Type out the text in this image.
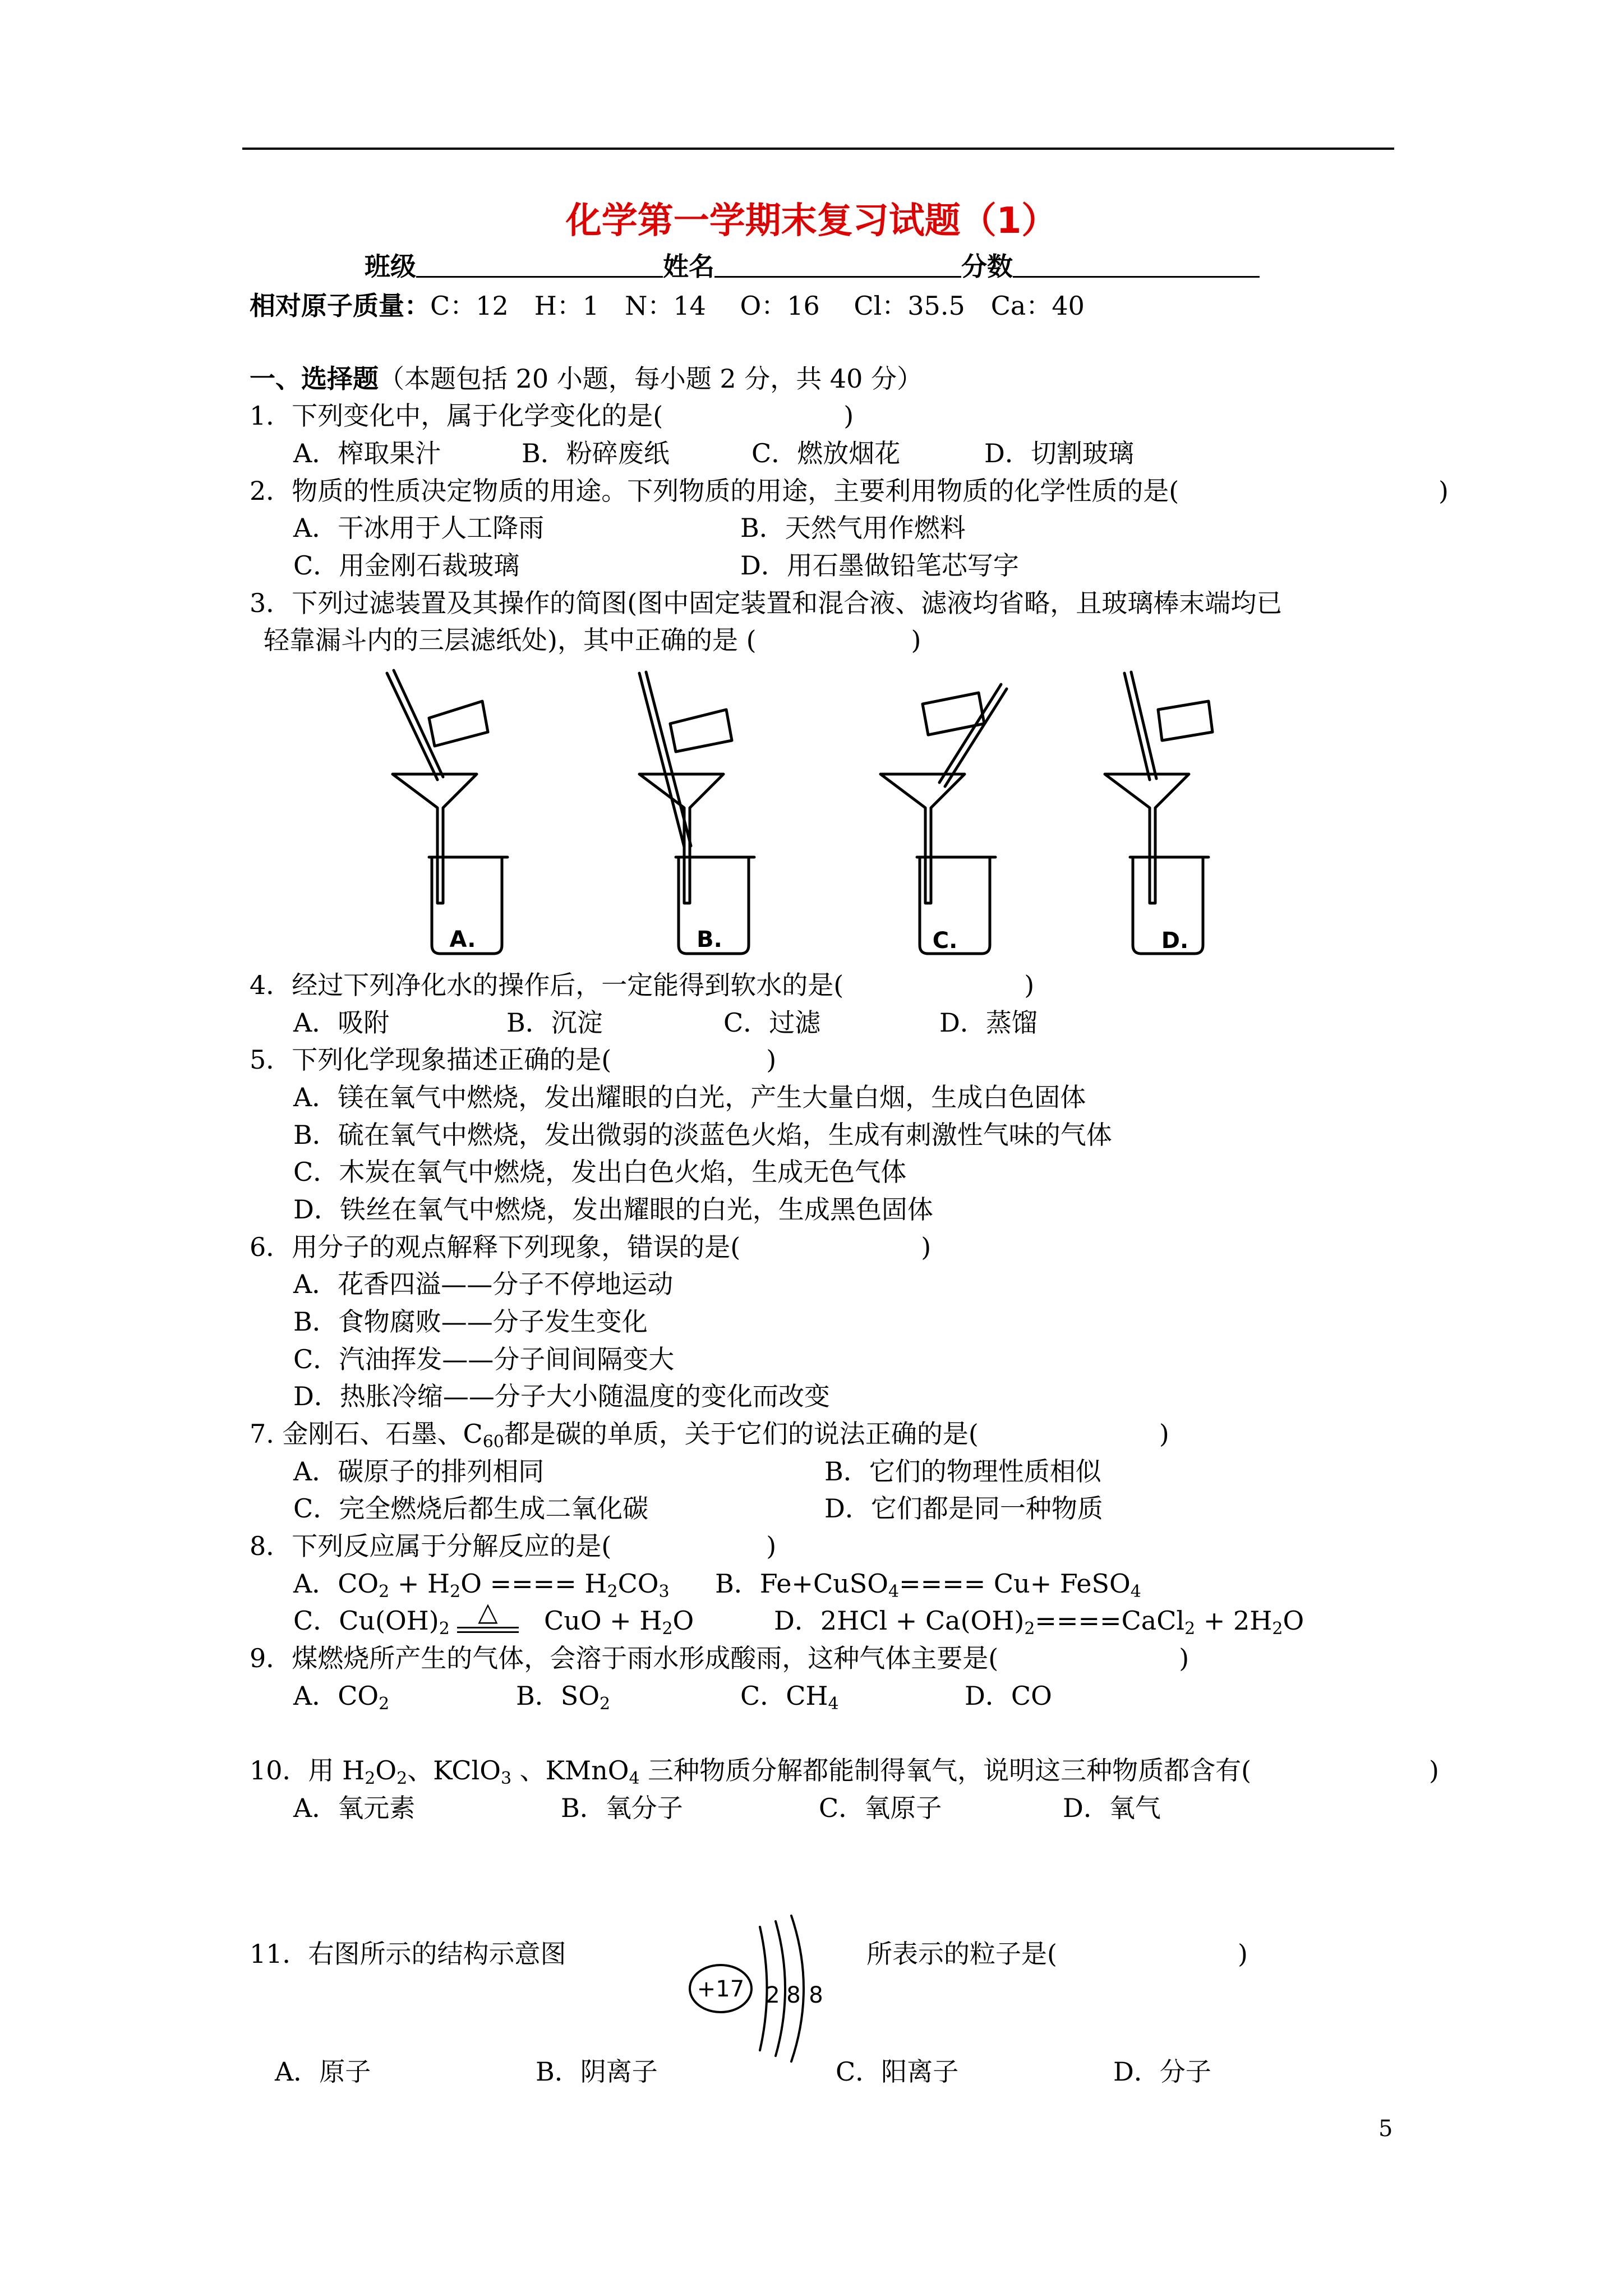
化学第一学期末复习试题（1）
班级	姓名	分数
相对原子质量：C：12　H：1　N：14　 O：16　 Cl：35.5　Ca：40
一、选择题（本题包括 20 小题，每小题 2 分，共 40 分）
1．下列变化中，属于化学变化的是(　　　　　　　)
A．榨取果汁	B．粉碎废纸	C．燃放烟花	D．切割玻璃
2．物质的性质决定物质的用途。下列物质的用途，主要利用物质的化学性质的是(	)
A．干冰用于人工降雨	B．天然气用作燃料
C．用金刚石裁玻璃	D．用石墨做铅笔芯写字
3．下列过滤装置及其操作的简图(图中固定装置和混合液、滤液均省略，且玻璃棒末端均已
轻靠漏斗内的三层滤纸处)，其中正确的是 (　　　　　　)
A.	B.	C.	D.
4．经过下列净化水的操作后，一定能得到软水的是(　　　　　　　)
A．吸附	B．沉淀	C．过滤	D．蒸馏
5．下列化学现象描述正确的是(　　　　　　)
A．镁在氧气中燃烧，发出耀眼的白光，产生大量白烟，生成白色固体
B．硫在氧气中燃烧，发出微弱的淡蓝色火焰，生成有刺激性气味的气体
C．木炭在氧气中燃烧，发出白色火焰，生成无色气体
D．铁丝在氧气中燃烧，发出耀眼的白光，生成黑色固体
6．用分子的观点解释下列现象，错误的是(　　　　　　　)
A．花香四溢——分子不停地运动
B．食物腐败——分子发生变化
C．汽油挥发——分子间间隔变大
D．热胀冷缩——分子大小随温度的变化而改变
7. 金刚石、石墨、$C_{60}$都是碳的单质，关于它们的说法正确的是(　　　　　　　)
A．碳原子的排列相同	B．它们的物理性质相似
C．完全燃烧后都生成二氧化碳	D．它们都是同一种物质
8．下列反应属于分解反应的是(　　　　　　)
A．$CO_2 + H_2O$ ==== $H_2CO_3$ B．Fe+CuSO$_4$==== Cu+ FeSO$_4$
C．$Cu(OH)_2$
△	CuO + $H_2O$	D．$2HCl + Ca(OH)_2====CaCl_2 + 2H_2O$
9．煤燃烧所产生的气体，会溶于雨水形成酸雨，这种气体主要是(　　　　　　　)
A．$CO_2$	B．$SO_2$	C．$CH_4$	D．CO
10．用 $H_2O_2$、KClO$_3$ 、KMnO$_4$ 三种物质分解都能制得氧气，说明这三种物质都含有(	)
A．氧元素	B．氧分子	C．氧原子	D．氧气
11．右图所示的结构示意图	所表示的粒子是(　　　　　　　)
+17 2 8 8
A．原子	B．阴离子	C．阳离子	D．分子
5
